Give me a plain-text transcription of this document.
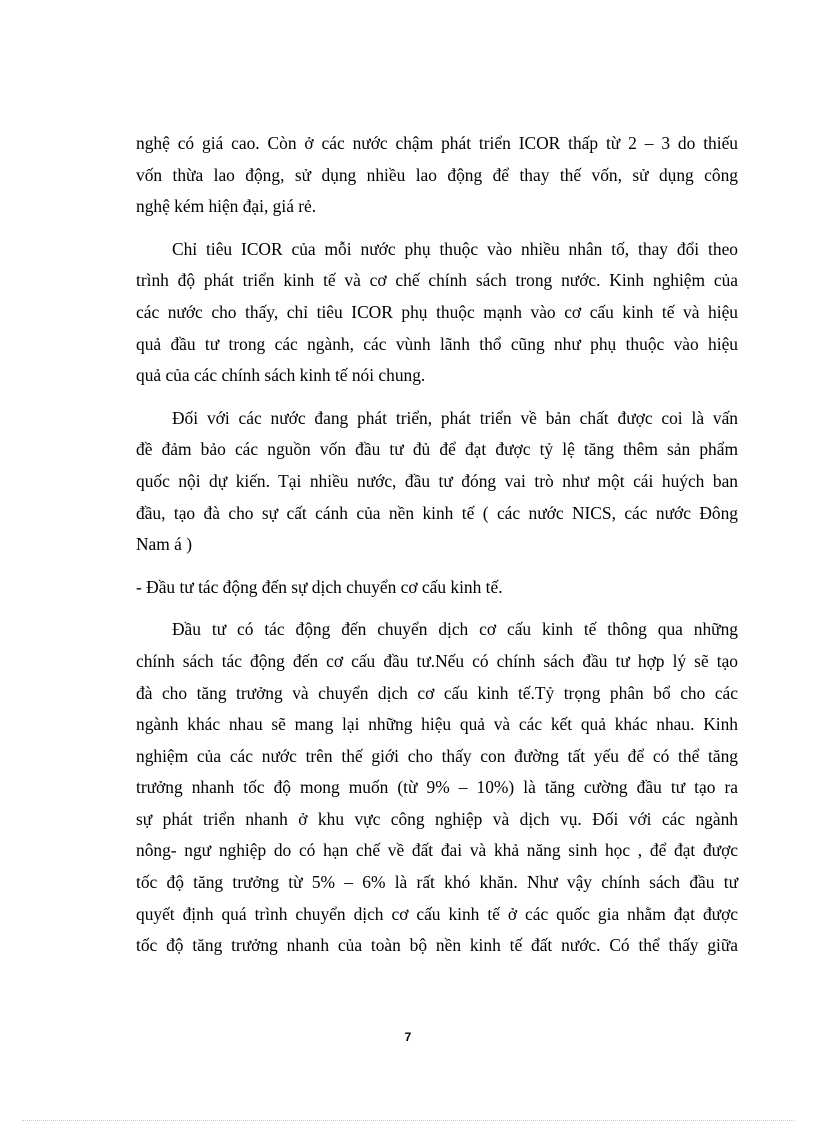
nghệ có giá cao. Còn ở các nước chậm phát triển ICOR thấp từ 2 – 3 do thiếu
vốn thừa lao động, sử dụng nhiều lao động để thay thế vốn, sử dụng công
nghệ kém hiện đại, giá rẻ.
Chỉ tiêu ICOR của mỗi nước phụ thuộc vào nhiều nhân tố, thay đổi theo
trình độ phát triển kinh tế và cơ chế chính sách trong nước. Kinh nghiệm của
các nước cho thấy, chỉ tiêu ICOR phụ thuộc mạnh vào cơ cấu kinh tế và hiệu
quả đầu tư trong các ngành, các vùnh lãnh thổ cũng như phụ thuộc vào hiệu
quả của các chính sách kinh tế nói chung.
Đối với các nước đang phát triển, phát triển về bản chất được coi là vấn
đề đảm bảo các nguồn vốn đầu tư đủ để đạt được tỷ lệ tăng thêm sản phẩm
quốc nội dự kiến. Tại nhiều nước, đầu tư đóng vai trò như một cái huých ban
đầu, tạo đà cho sự cất cánh của nền kinh tế ( các nước NICS, các nước Đông
Nam á )
- Đầu tư tác động đến sự dịch chuyển cơ cấu kinh tế.
Đầu tư có tác động đến chuyển dịch cơ cấu kinh tế thông qua những
chính sách tác động đến cơ cấu đầu tư.Nếu có chính sách đầu tư hợp lý sẽ tạo
đà cho tăng trưởng và chuyển dịch cơ cấu kinh tế.Tỷ trọng phân bổ cho các
ngành khác nhau sẽ mang lại những hiệu quả và các kết quả khác nhau. Kinh
nghiệm của các nước trên thế giới cho thấy con đường tất yếu để có thể tăng
trưởng nhanh tốc độ mong muốn (từ 9% – 10%) là tăng cường đầu tư tạo ra
sự phát triển nhanh ở khu vực công nghiệp và dịch vụ. Đối với các ngành
nông- ngư nghiệp do có hạn chế về đất đai và khả năng sinh học , để đạt được
tốc độ tăng trưởng từ 5% – 6% là rất khó khăn. Như vậy chính sách đầu tư
quyết định quá trình chuyển dịch cơ cấu kinh tế ở các quốc gia nhằm đạt được
tốc độ tăng trưởng nhanh của toàn bộ nền kinh tế đất nước. Có thể thấy giữa
7
